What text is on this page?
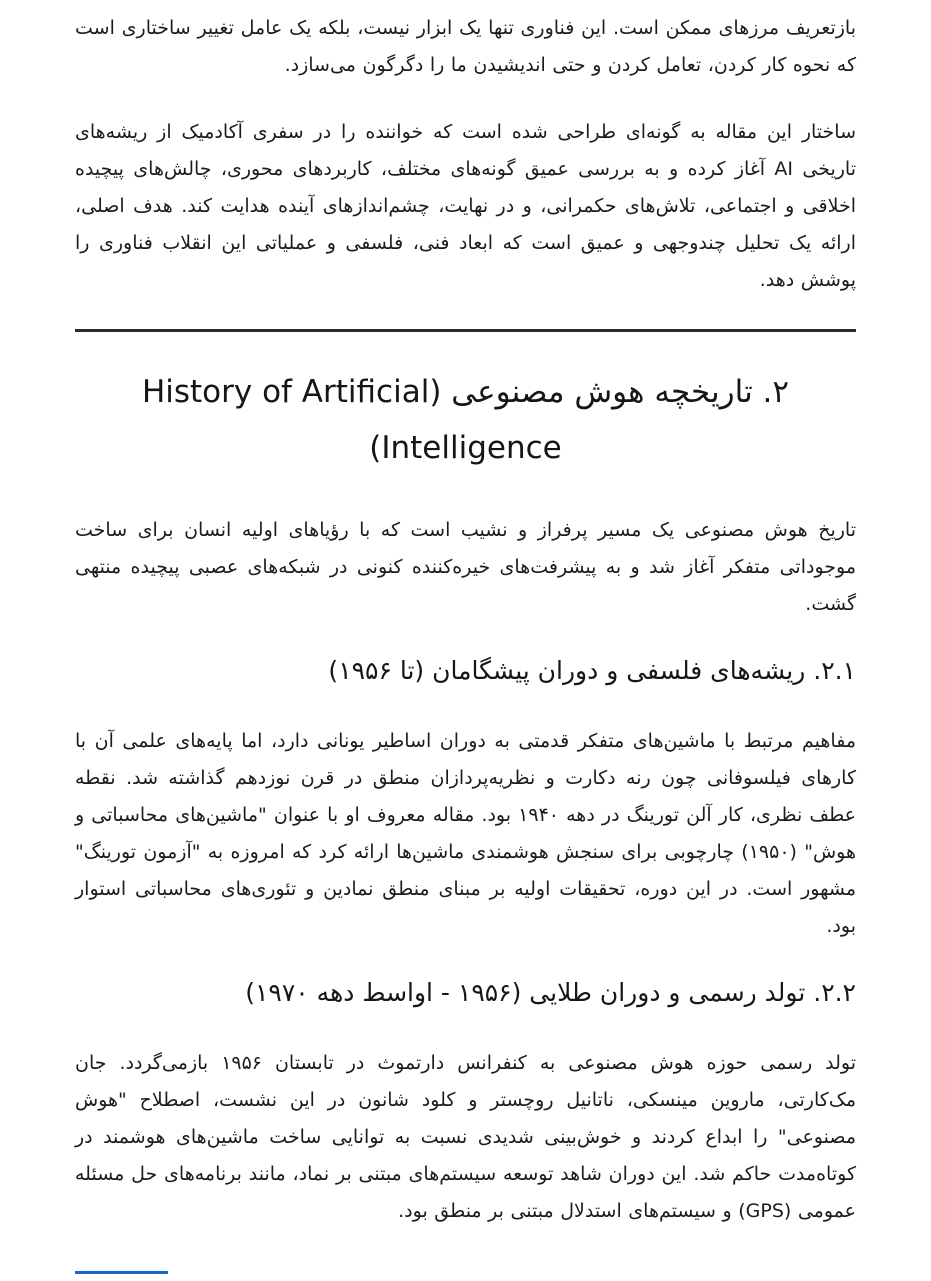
بازتعریف مرزهای ممکن است. این فناوری تنها یک ابزار نیست، بلکه یک عامل تغییر ساختاری است که نحوه کار کردن، تعامل کردن و حتی اندیشیدن ما را دگرگون می‌سازد.

ساختار این مقاله به گونه‌ای طراحی شده است که خواننده را در سفری آکادمیک از ریشه‌های تاریخی AI آغاز کرده و به بررسی عمیق گونه‌های مختلف، کاربردهای محوری، چالش‌های پیچیده اخلاقی و اجتماعی، تلاش‌های حکمرانی، و در نهایت، چشم‌اندازهای آینده هدایت کند. هدف اصلی، ارائه یک تحلیل چندوجهی و عمیق است که ابعاد فنی، فلسفی و عملیاتی این انقلاب فناوری را پوشش دهد.

۲. تاریخچه هوش مصنوعی (History of Artificial Intelligence)

تاریخ هوش مصنوعی یک مسیر پرفراز و نشیب است که با رؤیاهای اولیه انسان برای ساخت موجوداتی متفکر آغاز شد و به پیشرفت‌های خیره‌کننده کنونی در شبکه‌های عصبی پیچیده منتهی گشت.

۲.۱. ریشه‌های فلسفی و دوران پیشگامان (تا ۱۹۵۶)

مفاهیم مرتبط با ماشین‌های متفکر قدمتی به دوران اساطیر یونانی دارد، اما پایه‌های علمی آن با کارهای فیلسوفانی چون رنه دکارت و نظریه‌پردازان منطق در قرن نوزدهم گذاشته شد. نقطه عطف نظری، کار آلن تورینگ در دهه ۱۹۴۰ بود. مقاله معروف او با عنوان "ماشین‌های محاسباتی و هوش" (۱۹۵۰) چارچوبی برای سنجش هوشمندی ماشین‌ها ارائه کرد که امروزه به "آزمون تورینگ" مشهور است. در این دوره، تحقیقات اولیه بر مبنای منطق نمادین و تئوری‌های محاسباتی استوار بود.

۲.۲. تولد رسمی و دوران طلایی (۱۹۵۶ - اواسط دهه ۱۹۷۰)

تولد رسمی حوزه هوش مصنوعی به کنفرانس دارتموث در تابستان ۱۹۵۶ بازمی‌گردد. جان مک‌کارتی، ماروین مینسکی، ناتانیل روچستر و کلود شانون در این نشست، اصطلاح "هوش مصنوعی" را ابداع کردند و خوش‌بینی شدیدی نسبت به توانایی ساخت ماشین‌های هوشمند در کوتاه‌مدت حاکم شد. این دوران شاهد توسعه سیستم‌های مبتنی بر نماد، مانند برنامه‌های حل مسئله عمومی (GPS) و سیستم‌های استدلال مبتنی بر منطق بود.
